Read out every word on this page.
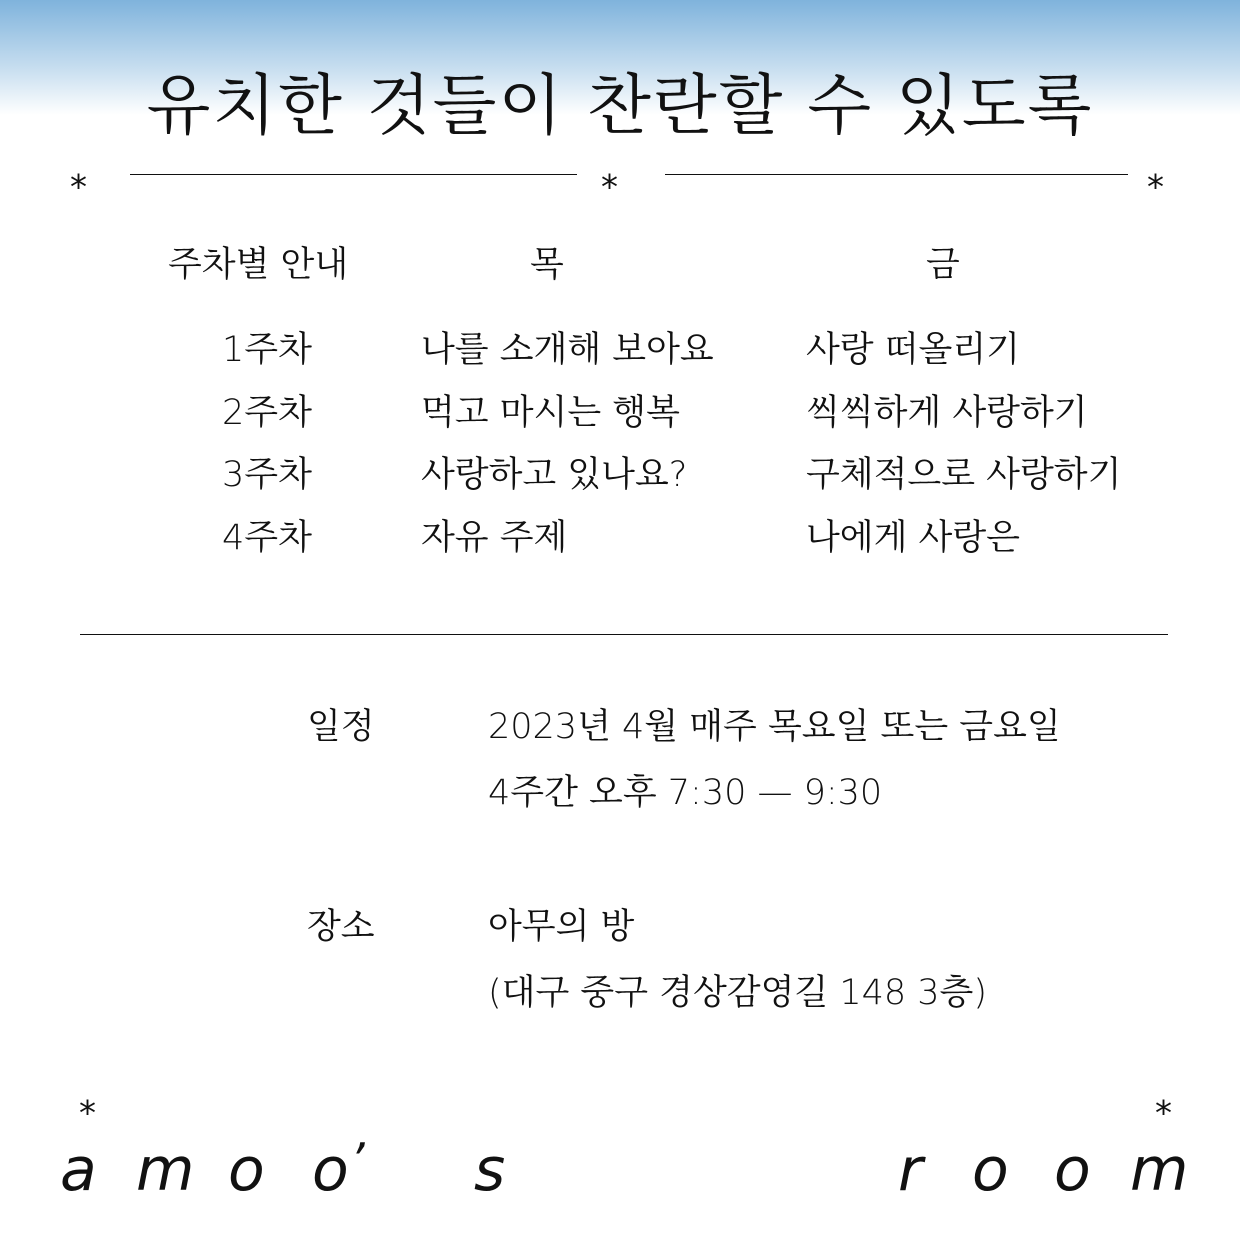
유치한 것들이 찬란할 수 있도록
⁎	⁎	⁎
주차별 안내	목	금
1주차	나를 소개해 보아요	사랑 떠올리기
2주차	먹고 마시는 행복	씩씩하게 사랑하기
3주차	사랑하고 있나요?	구체적으로 사랑하기
4주차	자유 주제	나에게 사랑은
일정	2023년 4월 매주 목요일 또는 금요일
4주간 오후 7:30 — 9:30
장소	아무의 방
(대구 중구 경상감영길 148 3층)
⁎	⁎
a m o o ’ s	r o o m
